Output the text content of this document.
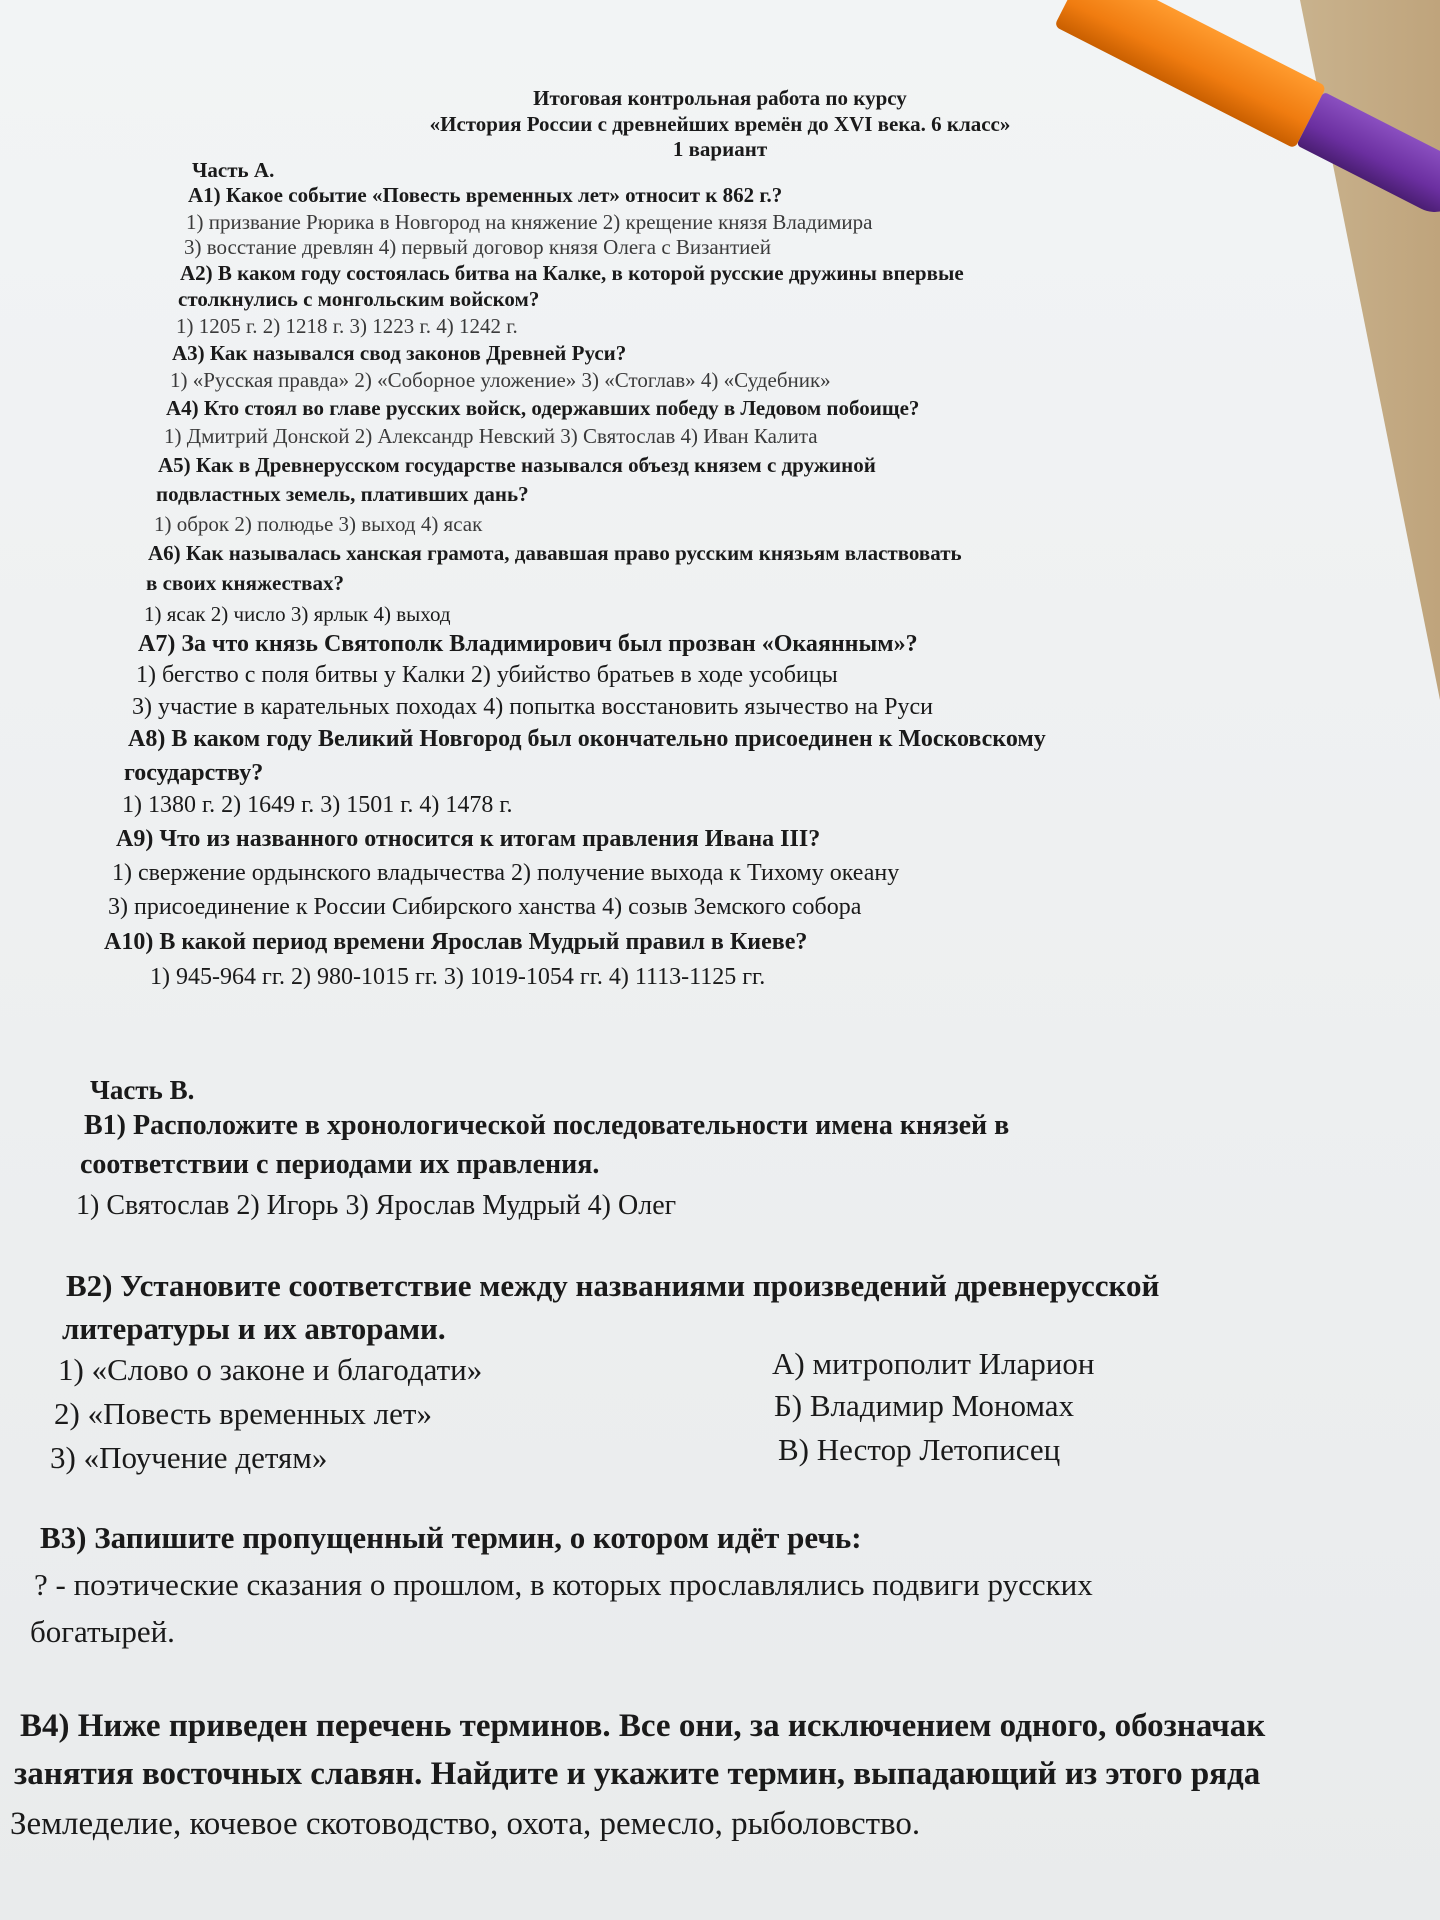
Итоговая контрольная работа по курсу
«История России с древнейших времён до XVI века. 6 класс»
1 вариант
Часть А.
А1) Какое событие «Повесть временных лет» относит к 862 г.?
1) призвание Рюрика в Новгород на княжение 2) крещение князя Владимира
3) восстание древлян 4) первый договор князя Олега с Византией
А2) В каком году состоялась битва на Калке, в которой русские дружины впервые
столкнулись с монгольским войском?
1) 1205 г. 2) 1218 г. 3) 1223 г. 4) 1242 г.
А3) Как назывался свод законов Древней Руси?
1) «Русская правда» 2) «Соборное уложение» 3) «Стоглав» 4) «Судебник»
А4) Кто стоял во главе русских войск, одержавших победу в Ледовом побоище?
1) Дмитрий Донской 2) Александр Невский 3) Святослав 4) Иван Калита
А5) Как в Древнерусском государстве назывался объезд князем с дружиной
подвластных земель, плативших дань?
1) оброк 2) полюдье 3) выход 4) ясак
А6) Как называлась ханская грамота, дававшая право русским князьям властвовать
в своих княжествах?
1) ясак 2) число 3) ярлык 4) выход
А7) За что князь Святополк Владимирович был прозван «Окаянным»?
1) бегство с поля битвы у Калки 2) убийство братьев в ходе усобицы
3) участие в карательных походах 4) попытка восстановить язычество на Руси
А8) В каком году Великий Новгород был окончательно присоединен к Московскому
государству?
1) 1380 г. 2) 1649 г. 3) 1501 г. 4) 1478 г.
А9) Что из названного относится к итогам правления Ивана III?
1) свержение ордынского владычества 2) получение выхода к Тихому океану
3) присоединение к России Сибирского ханства 4) созыв Земского собора
А10) В какой период времени Ярослав Мудрый правил в Киеве?
1) 945-964 гг. 2) 980-1015 гг. 3) 1019-1054 гг. 4) 1113-1125 гг.
Часть В.
В1) Расположите в хронологической последовательности имена князей в
соответствии с периодами их правления.
1) Святослав 2) Игорь 3) Ярослав Мудрый 4) Олег
В2) Установите соответствие между названиями произведений древнерусской
литературы и их авторами.
1) «Слово о законе и благодати»
2) «Повесть временных лет»
3) «Поучение детям»
А) митрополит Иларион
Б) Владимир Мономах
В) Нестор Летописец
В3) Запишите пропущенный термин, о котором идёт речь:
? - поэтические сказания о прошлом, в которых прославлялись подвиги русских
богатырей.
В4) Ниже приведен перечень терминов. Все они, за исключением одного, обозначак
занятия восточных славян. Найдите и укажите термин, выпадающий из этого ряда
Земледелие, кочевое скотоводство, охота, ремесло, рыболовство.
